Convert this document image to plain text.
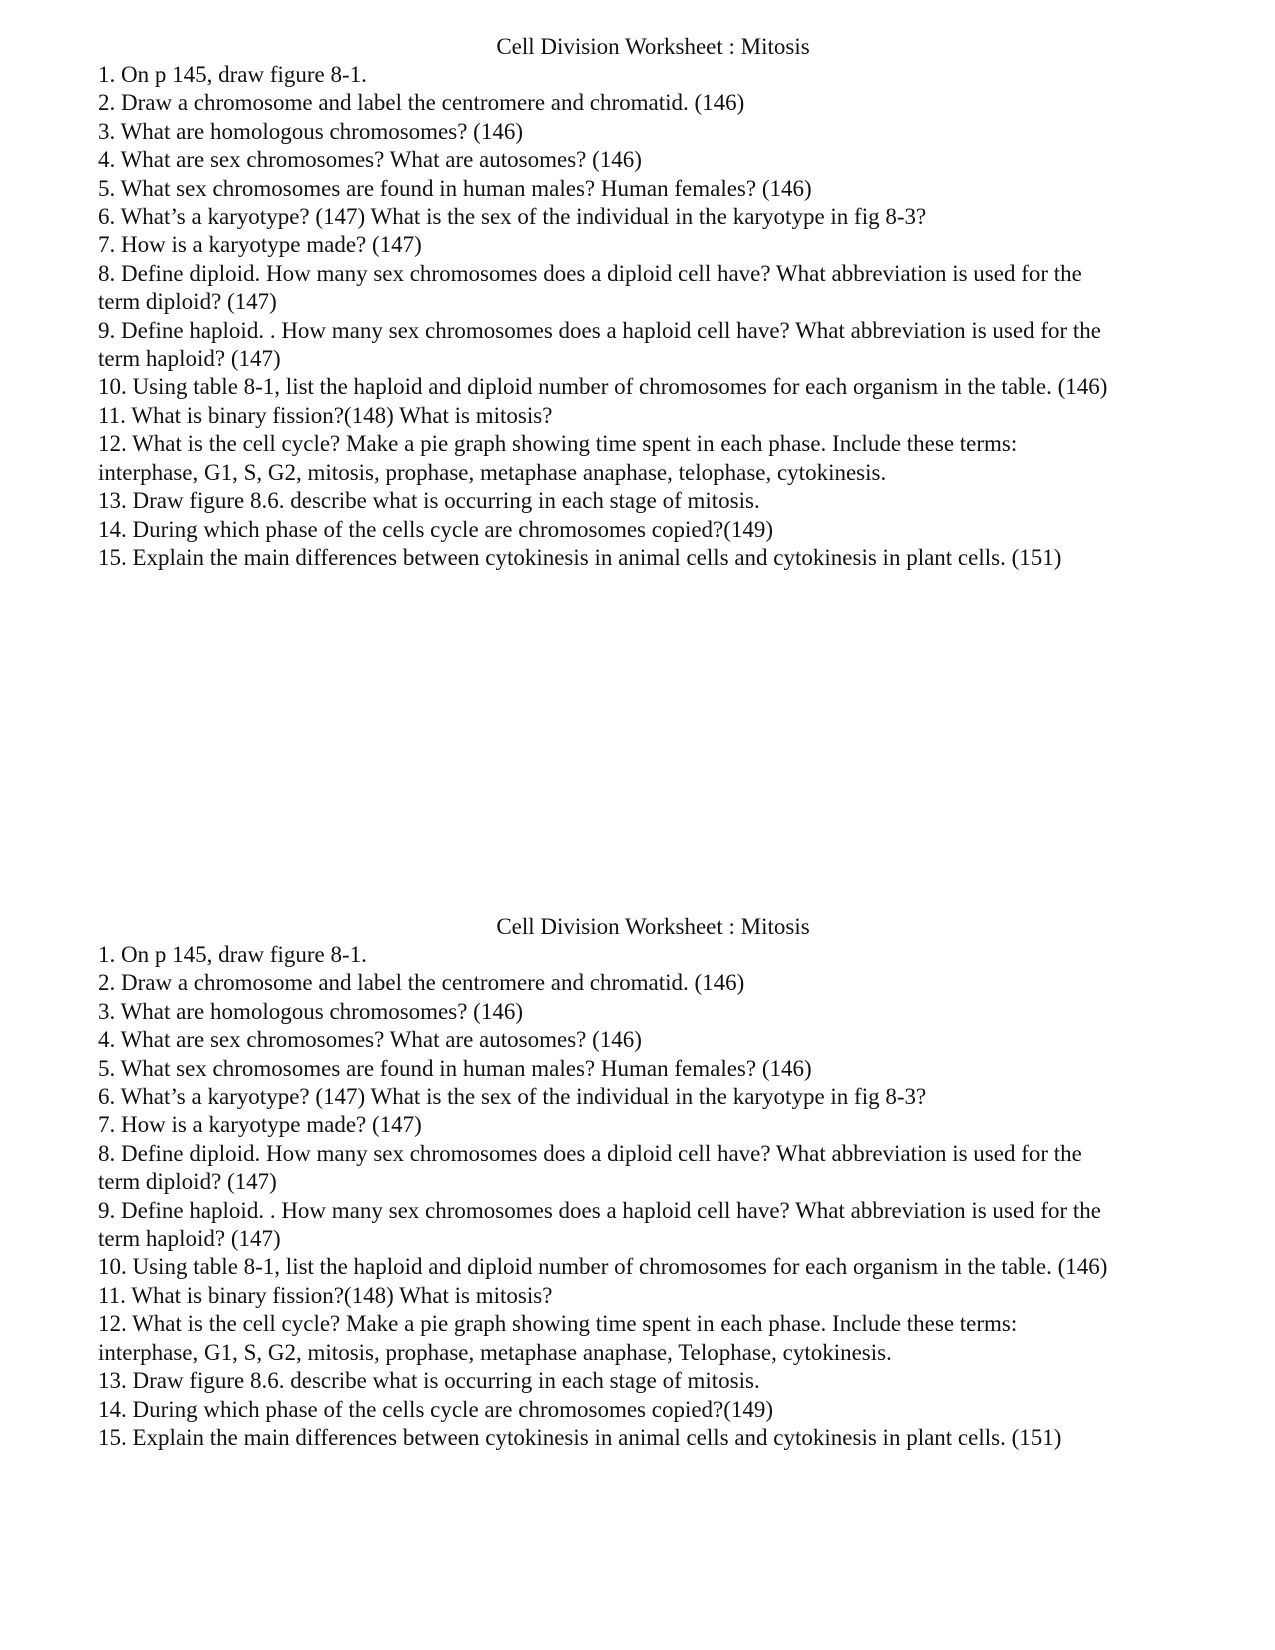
Cell Division Worksheet : Mitosis
1. On p 145, draw figure 8-1.
2. Draw a chromosome and label the centromere and chromatid. (146)
3. What are homologous chromosomes? (146)
4. What are sex chromosomes? What are autosomes? (146)
5. What sex chromosomes are found in human males? Human females? (146)
6. What’s a karyotype? (147) What is the sex of the individual in the karyotype in fig 8-3?
7. How is a karyotype made? (147)
8. Define diploid. How many sex chromosomes does a diploid cell have? What abbreviation is used for the
term diploid? (147)
9. Define haploid. . How many sex chromosomes does a haploid cell have? What abbreviation is used for the
term haploid? (147)
10. Using table 8-1, list the haploid and diploid number of chromosomes for each organism in the table. (146)
11. What is binary fission?(148) What is mitosis?
12. What is the cell cycle? Make a pie graph showing time spent in each phase. Include these terms:
interphase, G1, S, G2, mitosis, prophase, metaphase anaphase, telophase, cytokinesis.
13. Draw figure 8.6. describe what is occurring in each stage of mitosis.
14. During which phase of the cells cycle are chromosomes copied?(149)
15. Explain the main differences between cytokinesis in animal cells and cytokinesis in plant cells. (151)
Cell Division Worksheet : Mitosis
1. On p 145, draw figure 8-1.
2. Draw a chromosome and label the centromere and chromatid. (146)
3. What are homologous chromosomes? (146)
4. What are sex chromosomes? What are autosomes? (146)
5. What sex chromosomes are found in human males? Human females? (146)
6. What’s a karyotype? (147) What is the sex of the individual in the karyotype in fig 8-3?
7. How is a karyotype made? (147)
8. Define diploid. How many sex chromosomes does a diploid cell have? What abbreviation is used for the
term diploid? (147)
9. Define haploid. . How many sex chromosomes does a haploid cell have? What abbreviation is used for the
term haploid? (147)
10. Using table 8-1, list the haploid and diploid number of chromosomes for each organism in the table. (146)
11. What is binary fission?(148) What is mitosis?
12. What is the cell cycle? Make a pie graph showing time spent in each phase. Include these terms:
interphase, G1, S, G2, mitosis, prophase, metaphase anaphase, Telophase, cytokinesis.
13. Draw figure 8.6. describe what is occurring in each stage of mitosis.
14. During which phase of the cells cycle are chromosomes copied?(149)
15. Explain the main differences between cytokinesis in animal cells and cytokinesis in plant cells. (151)
